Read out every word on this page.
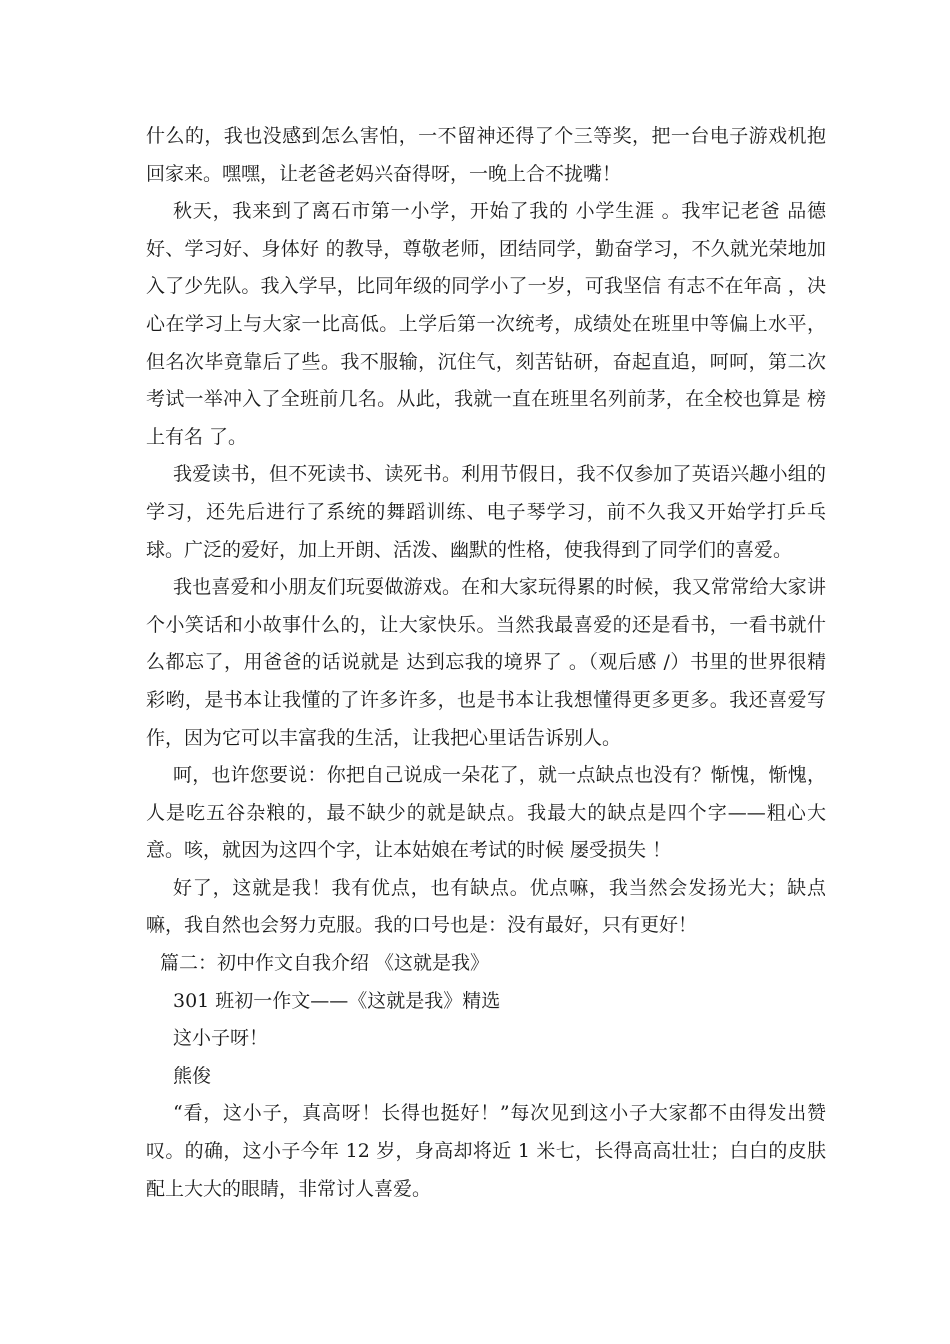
什么的，我也没感到怎么害怕，一不留神还得了个三等奖，把一台电子游戏机抱回家来。嘿嘿，让老爸老妈兴奋得呀，一晚上合不拢嘴！

秋天，我来到了离石市第一小学，开始了我的 小学生涯 。我牢记老爸 品德好、学习好、身体好 的教导，尊敬老师，团结同学，勤奋学习，不久就光荣地加入了少先队。我入学早，比同年级的同学小了一岁，可我坚信 有志不在年高 ，决心在学习上与大家一比高低。上学后第一次统考，成绩处在班里中等偏上水平，但名次毕竟靠后了些。我不服输，沉住气，刻苦钻研，奋起直追，呵呵，第二次考试一举冲入了全班前几名。从此，我就一直在班里名列前茅，在全校也算是 榜上有名 了。

我爱读书，但不死读书、读死书。利用节假日，我不仅参加了英语兴趣小组的学习，还先后进行了系统的舞蹈训练、电子琴学习，前不久我又开始学打乒乓球。广泛的爱好，加上开朗、活泼、幽默的性格，使我得到了同学们的喜爱。

我也喜爱和小朋友们玩耍做游戏。在和大家玩得累的时候，我又常常给大家讲个小笑话和小故事什么的，让大家快乐。当然我最喜爱的还是看书，一看书就什么都忘了，用爸爸的话说就是 达到忘我的境界了 。（观后感 /）书里的世界很精彩哟，是书本让我懂的了许多许多，也是书本让我想懂得更多更多。我还喜爱写作，因为它可以丰富我的生活，让我把心里话告诉别人。

呵，也许您要说：你把自己说成一朵花了，就一点缺点也没有？惭愧，惭愧，人是吃五谷杂粮的，最不缺少的就是缺点。我最大的缺点是四个字——粗心大意。咳，就因为这四个字，让本姑娘在考试的时候 屡受损失 ！

好了，这就是我！我有优点，也有缺点。优点嘛，我当然会发扬光大；缺点嘛，我自然也会努力克服。我的口号也是：没有最好，只有更好！

篇二：初中作文自我介绍 《这就是我》

301 班初一作文——《这就是我》精选

这小子呀！

熊俊

“看，这小子，真高呀！长得也挺好！”每次见到这小子大家都不由得发出赞叹。的确，这小子今年 12 岁，身高却将近 1 米七，长得高高壮壮；白白的皮肤配上大大的眼睛，非常讨人喜爱。
